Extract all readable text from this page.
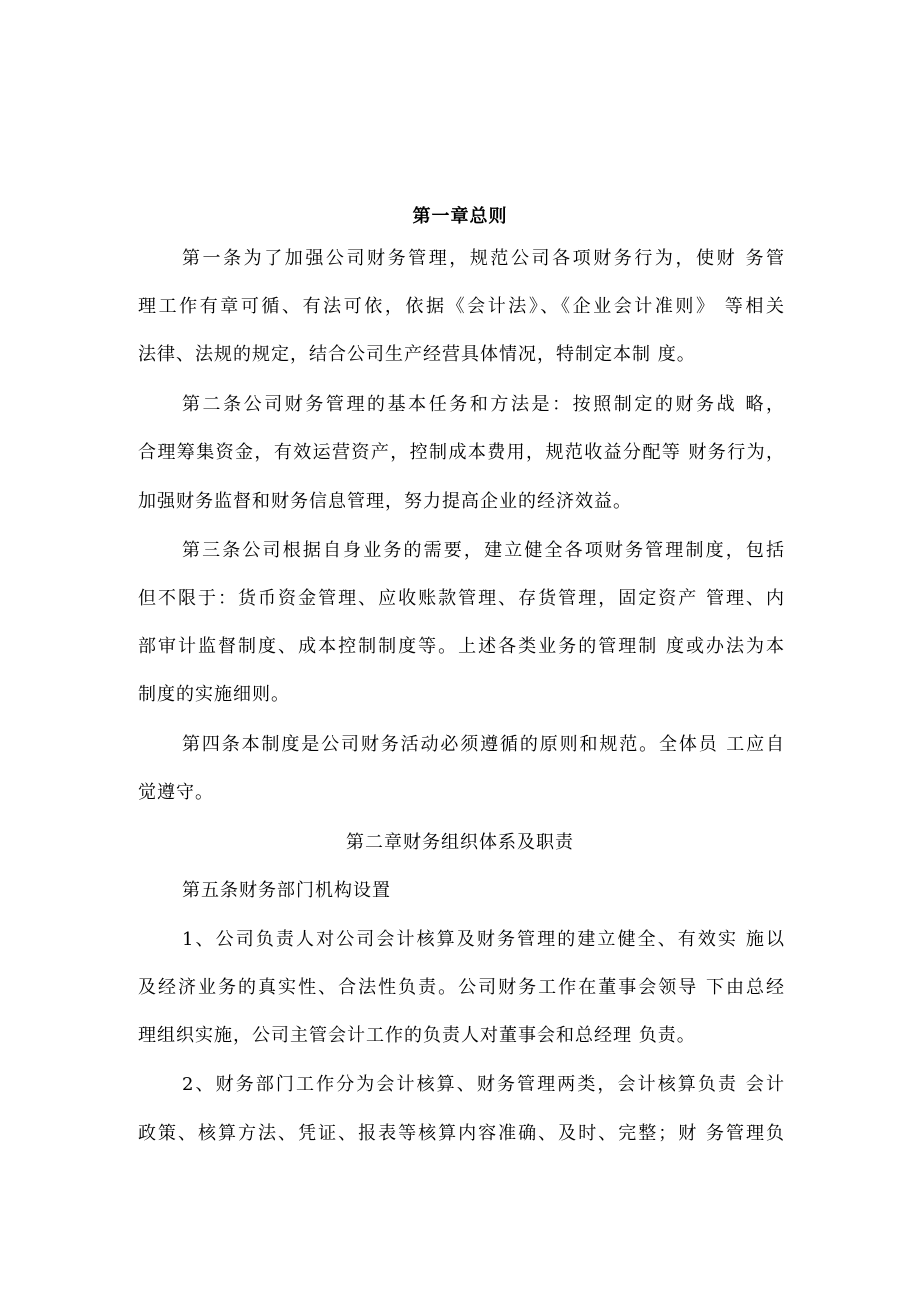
第一章总则
第一条为了加强公司财务管理，规范公司各项财务行为，使财 务管
理工作有章可循、有法可依，依据《会计法》、《企业会计准则》 等相关
法律、法规的规定，结合公司生产经营具体情况，特制定本制 度。
第二条公司财务管理的基本任务和方法是：按照制定的财务战 略，
合理筹集资金，有效运营资产，控制成本费用，规范收益分配等 财务行为，
加强财务监督和财务信息管理，努力提高企业的经济效益。
第三条公司根据自身业务的需要，建立健全各项财务管理制度，包括
但不限于：货币资金管理、应收账款管理、存货管理，固定资产 管理、内
部审计监督制度、成本控制制度等。上述各类业务的管理制 度或办法为本
制度的实施细则。
第四条本制度是公司财务活动必须遵循的原则和规范。全体员 工应自
觉遵守。
第二章财务组织体系及职责
第五条财务部门机构设置
1、公司负责人对公司会计核算及财务管理的建立健全、有效实 施以
及经济业务的真实性、合法性负责。公司财务工作在董事会领导 下由总经
理组织实施，公司主管会计工作的负责人对董事会和总经理 负责。
2、财务部门工作分为会计核算、财务管理两类，会计核算负责 会计
政策、核算方法、凭证、报表等核算内容准确、及时、完整；财 务管理负
